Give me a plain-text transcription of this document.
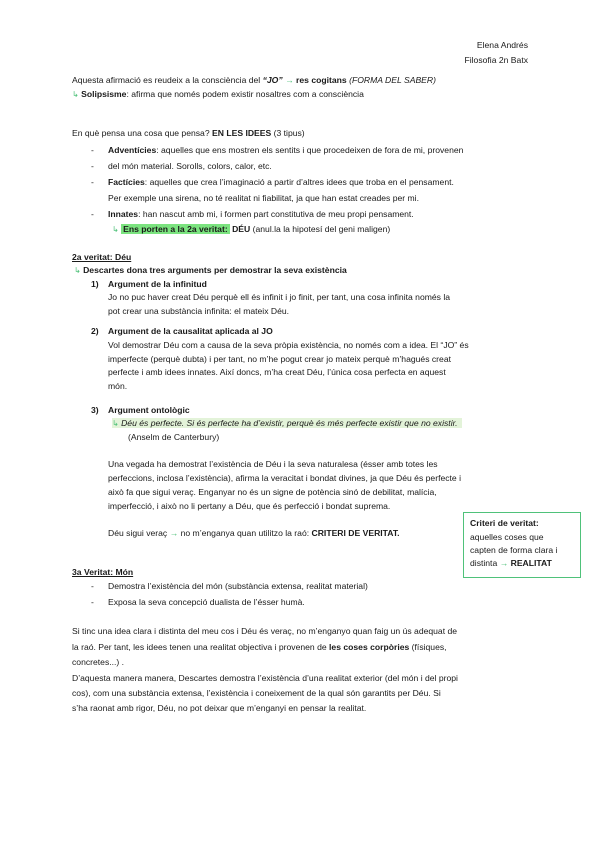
Elena Andrés
Filosofia 2n Batx
Aquesta afirmació es reudeix a la consciència del “JO” → res cogitans (FORMA DEL SABER)
↳ Solipsisme: afirma que només podem existir nosaltres com a consciència
En què pensa una cosa que pensa? EN LES IDEES (3 tipus)
- Adventícies: aquelles que ens mostren els sentits i que procedeixen de fora de mi, provenen
del món material. Sorolls, colors, calor, etc.
-
- Factícies: aquelles que crea l’imaginació a partir d’altres idees que troba en el pensament.
Per exemple una sirena, no té realitat ni fiabilitat, ja que han estat creades per mi.
- Innates: han nascut amb mi, i formen part constitutiva de meu propi pensament.
↳ Ens porten a la 2a veritat: DÉU (anul.la la hipotesí del geni maligen)
2a veritat: Déu
↳ Descartes dona tres arguments per demostrar la seva existència
1) Argument de la infinitud
Jo no puc haver creat Déu perquè ell és infinit i jo finit, per tant, una cosa infinita només la
pot crear una substància infinita: el mateix Déu.
2) Argument de la causalitat aplicada al JO
Vol demostrar Déu com a causa de la seva pròpia existència, no només com a idea. El “JO” és
imperfecte (perquè dubta) i per tant, no m’he pogut crear jo mateix perquè m’hagués creat
perfecte i amb idees innates. Així doncs, m’ha creat Déu, l’única cosa perfecta en aquest
món.
3) Argument ontològic
↳ Déu és perfecte. Si és perfecte ha d’existir, perquè és més perfecte existir que no existir.
(Anselm de Canterbury)
Una vegada ha demostrat l’existència de Déu i la seva naturalesa (ésser amb totes les
perfeccions, inclosa l’existència), afirma la veracitat i bondat divines, ja que Déu és perfecte i
això fa que sigui veraç. Enganyar no és un signe de potència sinó de debilitat, malícia,
imperfecció, i això no li pertany a Déu, que és perfecció i bondat suprema.
Déu sigui veraç → no m’enganya quan utilitzo la raó: CRITERI DE VERITAT.
Criteri de veritat:
aquelles coses que
capten de forma clara i
distinta → REALITAT
3a Veritat: Món
- Demostra l’existència del món (substància extensa, realitat material)
- Exposa la seva concepció dualista de l’ésser humà.
Si tinc una idea clara i distinta del meu cos i Déu és veraç, no m’enganyo quan faig un ús adequat de
la raó. Per tant, les idees tenen una realitat objectiva i provenen de les coses corpòries (físiques,
concretes...) .
D’aquesta manera manera, Descartes demostra l’existència d’una realitat exterior (del món i del propi
cos), com una substància extensa, l’existència i coneixement de la qual són garantits per Déu. Si
s’ha raonat amb rigor, Déu, no pot deixar que m’enganyi en pensar la realitat.
